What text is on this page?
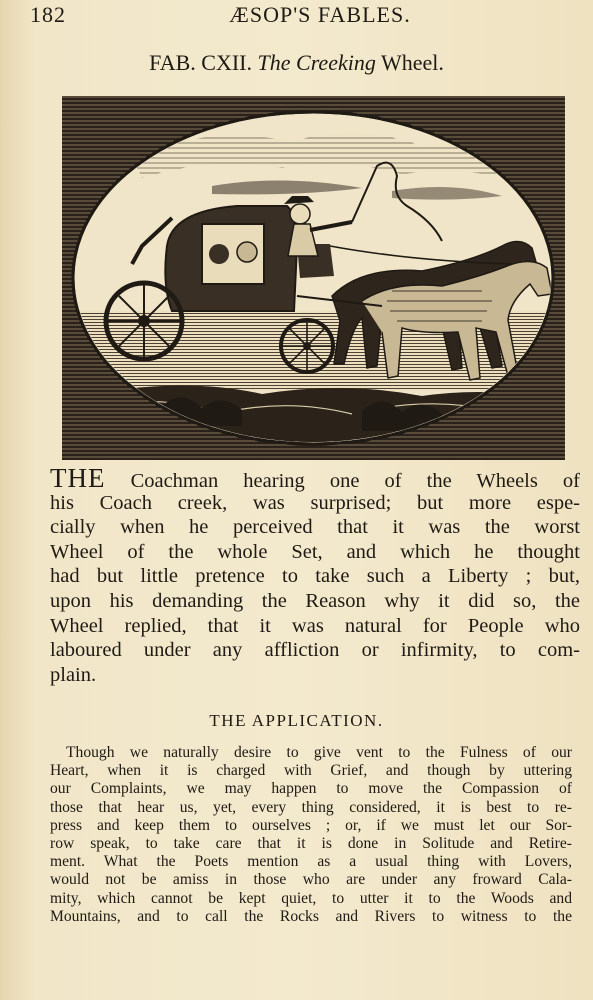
182	ÆSOP'S FABLES.
FAB. CXII. The Creeking Wheel.
THE Coachman hearing one of the Wheels of
his Coach creek, was surprised; but more espe-
cially when he perceived that it was the worst
Wheel of the whole Set, and which he thought
had but little pretence to take such a Liberty ; but,
upon his demanding the Reason why it did so, the
Wheel replied, that it was natural for People who
laboured under any affliction or infirmity, to com-
plain.
THE APPLICATION.
Though we naturally desire to give vent to the Fulness of our
Heart, when it is charged with Grief, and though by uttering
our Complaints, we may happen to move the Compassion of
those that hear us, yet, every thing considered, it is best to re-
press and keep them to ourselves ; or, if we must let our Sor-
row speak, to take care that it is done in Solitude and Retire-
ment. What the Poets mention as a usual thing with Lovers,
would not be amiss in those who are under any froward Cala-
mity, which cannot be kept quiet, to utter it to the Woods and
Mountains, and to call the Rocks and Rivers to witness to the
